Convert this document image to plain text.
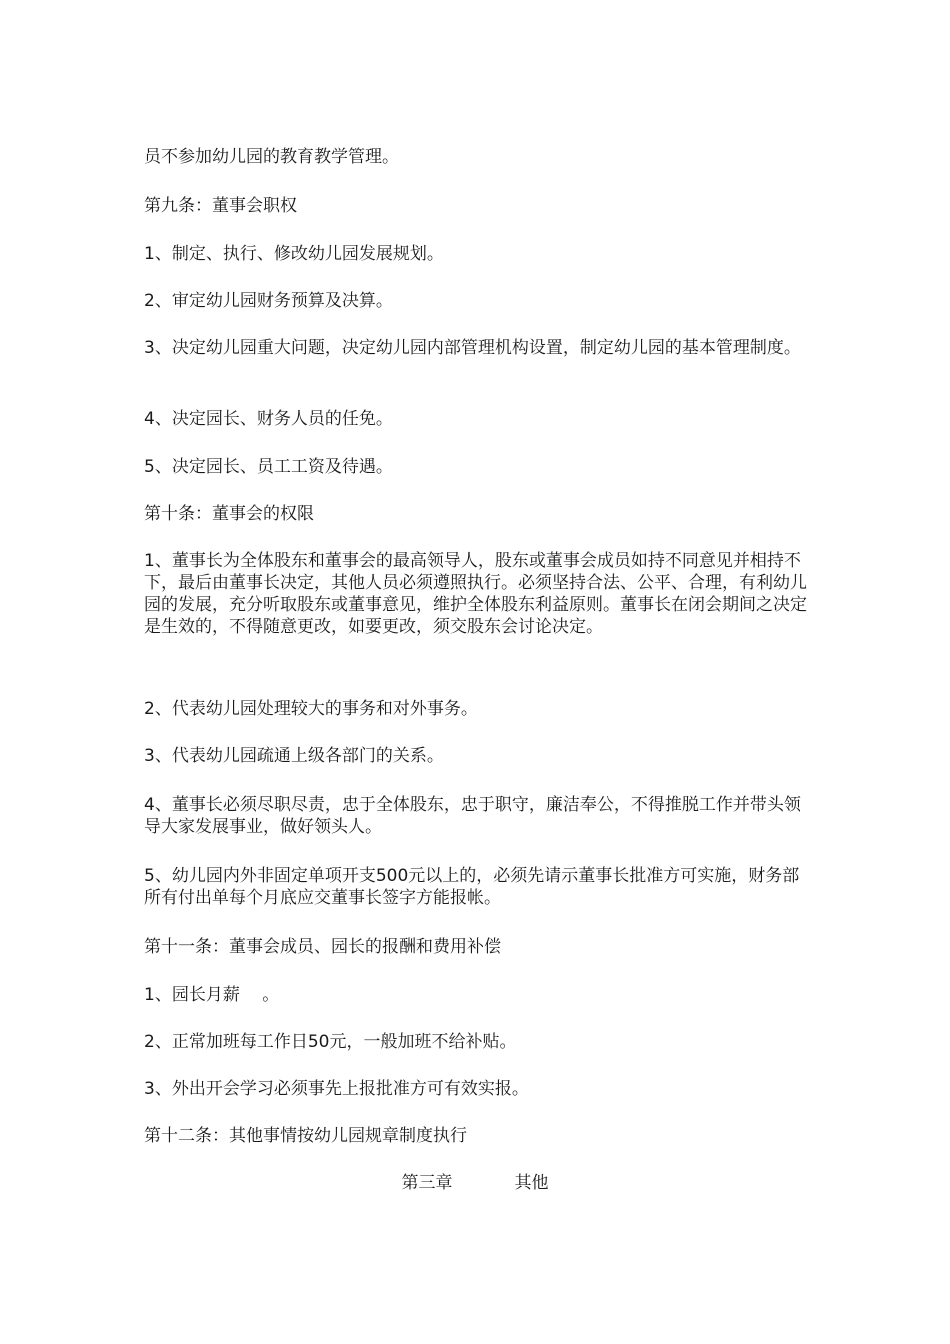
员不参加幼儿园的教育教学管理。

第九条：董事会职权

1、制定、执行、修改幼儿园发展规划。

2、审定幼儿园财务预算及决算。

3、决定幼儿园重大问题，决定幼儿园内部管理机构设置，制定幼儿园的基本管理制度。

4、决定园长、财务人员的任免。

5、决定园长、员工工资及待遇。

第十条：董事会的权限

1、董事长为全体股东和董事会的最高领导人，股东或董事会成员如持不同意见并相持不下，最后由董事长决定，其他人员必须遵照执行。必须坚持合法、公平、合理，有利幼儿园的发展，充分听取股东或董事意见，维护全体股东利益原则。董事长在闭会期间之决定是生效的，不得随意更改，如要更改，须交股东会讨论决定。

2、代表幼儿园处理较大的事务和对外事务。

3、代表幼儿园疏通上级各部门的关系。

4、董事长必须尽职尽责，忠于全体股东，忠于职守，廉洁奉公，不得推脱工作并带头领导大家发展事业，做好领头人。

5、幼儿园内外非固定单项开支500元以上的，必须先请示董事长批准方可实施，财务部所有付出单每个月底应交董事长签字方能报帐。

第十一条：董事会成员、园长的报酬和费用补偿

1、园长月薪　 。

2、正常加班每工作日50元，一般加班不给补贴。

3、外出开会学习必须事先上报批准方可有效实报。

第十二条：其他事情按幼儿园规章制度执行

第三章	其他
